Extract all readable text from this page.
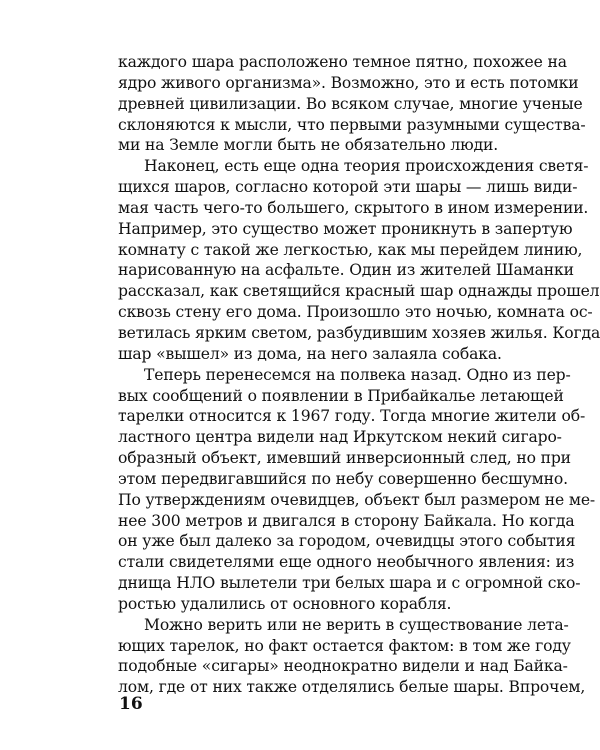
каждого шара расположено темное пятно, похожее на
ядро живого организма». Возможно, это и есть потомки
древней цивилизации. Во всяком случае, многие ученые
склоняются к мысли, что первыми разумными существа-
ми на Земле могли быть не обязательно люди.
Наконец, есть еще одна теория происхождения светя-
щихся шаров, согласно которой эти шары — лишь види-
мая часть чего-то большего, скрытого в ином измерении.
Например, это существо может проникнуть в запертую
комнату с такой же легкостью, как мы перейдем линию,
нарисованную на асфальте. Один из жителей Шаманки
рассказал, как светящийся красный шар однажды прошел
сквозь стену его дома. Произошло это ночью, комната ос-
ветилась ярким светом, разбудившим хозяев жилья. Когда
шар «вышел» из дома, на него залаяла собака.
Теперь перенесемся на полвека назад. Одно из пер-
вых сообщений о появлении в Прибайкалье летающей
тарелки относится к 1967 году. Тогда многие жители об-
ластного центра видели над Иркутском некий сигаро-
образный объект, имевший инверсионный след, но при
этом передвигавшийся по небу совершенно бесшумно.
По утверждениям очевидцев, объект был размером не ме-
нее 300 метров и двигался в сторону Байкала. Но когда
он уже был далеко за городом, очевидцы этого события
стали свидетелями еще одного необычного явления: из
днища НЛО вылетели три белых шара и с огромной ско-
ростью удалились от основного корабля.
Можно верить или не верить в существование лета-
ющих тарелок, но факт остается фактом: в том же году
подобные «сигары» неоднократно видели и над Байка-
лом, где от них также отделялись белые шары. Впрочем,
16
